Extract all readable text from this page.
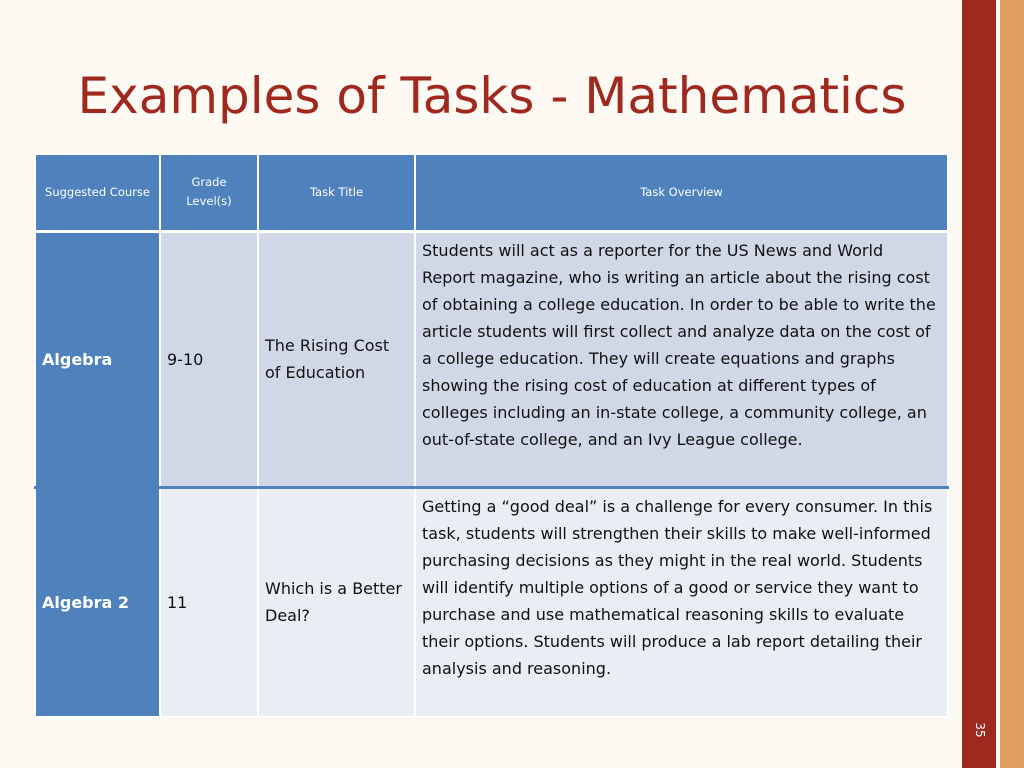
Examples of Tasks - Mathematics
Suggested Course	Grade Level(s)	Task Title	Task Overview
Algebra	9-10	The Rising Cost of Education	Students will act as a reporter for the US News and World Report magazine, who is writing an article about the rising cost of obtaining a college education. In order to be able to write the article students will first collect and analyze data on the cost of a college education. They will create equations and graphs showing the rising cost of education at different types of colleges including an in-state college, a community college, an out-of-state college, and an Ivy League college.
Algebra 2	11	Which is a Better Deal?	Getting a “good deal” is a challenge for every consumer. In this task, students will strengthen their skills to make well-informed purchasing decisions as they might in the real world. Students will identify multiple options of a good or service they want to purchase and use mathematical reasoning skills to evaluate their options. Students will produce a lab report detailing their analysis and reasoning.
35
